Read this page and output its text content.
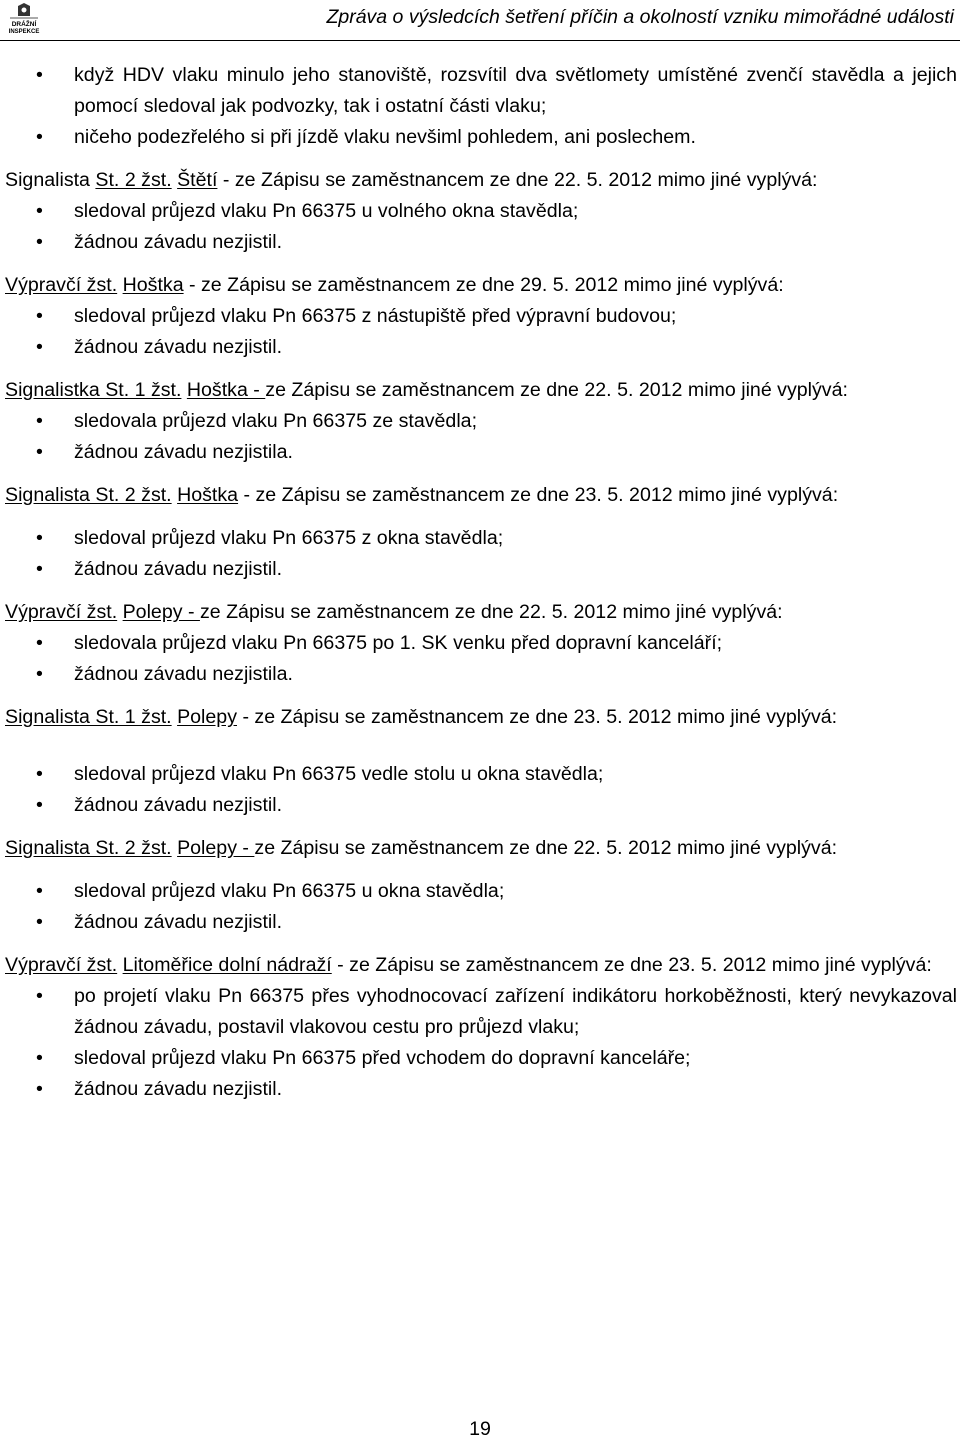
DRÁŽNÍ
INSPEKCE
Zpráva o výsledcích šetření příčin a okolností vzniku mimořádné události
• když HDV vlaku minulo jeho stanoviště, rozsvítil dva světlomety umístěné zvenčí stavědla a jejich pomocí sledoval jak podvozky, tak i ostatní části vlaku;
• ničeho podezřelého si při jízdě vlaku nevšiml pohledem, ani poslechem.
Signalista St. 2 žst. Štětí - ze Zápisu se zaměstnancem ze dne 22. 5. 2012 mimo jiné vyplývá:
• sledoval průjezd vlaku Pn 66375 u volného okna stavědla;
• žádnou závadu nezjistil.
Výpravčí žst. Hoštka - ze Zápisu se zaměstnancem ze dne 29. 5. 2012 mimo jiné vyplývá:
• sledoval průjezd vlaku Pn 66375 z nástupiště před výpravní budovou;
• žádnou závadu nezjistil.
Signalistka St. 1 žst. Hoštka - ze Zápisu se zaměstnancem ze dne 22. 5. 2012 mimo jiné vyplývá:
• sledovala průjezd vlaku Pn 66375 ze stavědla;
• žádnou závadu nezjistila.
Signalista St. 2 žst. Hoštka - ze Zápisu se zaměstnancem ze dne 23. 5. 2012 mimo jiné vyplývá:
• sledoval průjezd vlaku Pn 66375 z okna stavědla;
• žádnou závadu nezjistil.
Výpravčí žst. Polepy - ze Zápisu se zaměstnancem ze dne 22. 5. 2012 mimo jiné vyplývá:
• sledovala průjezd vlaku Pn 66375 po 1. SK venku před dopravní kanceláří;
• žádnou závadu nezjistila.
Signalista St. 1 žst. Polepy - ze Zápisu se zaměstnancem ze dne 23. 5. 2012 mimo jiné vyplývá:
• sledoval průjezd vlaku Pn 66375 vedle stolu u okna stavědla;
• žádnou závadu nezjistil.
Signalista St. 2 žst. Polepy - ze Zápisu se zaměstnancem ze dne 22. 5. 2012 mimo jiné vyplývá:
• sledoval průjezd vlaku Pn 66375 u okna stavědla;
• žádnou závadu nezjistil.
Výpravčí žst. Litoměřice dolní nádraží - ze Zápisu se zaměstnancem ze dne 23. 5. 2012 mimo jiné vyplývá:
• po projetí vlaku Pn 66375 přes vyhodnocovací zařízení indikátoru horkoběžnosti, který nevykazoval žádnou závadu, postavil vlakovou cestu pro průjezd vlaku;
• sledoval průjezd vlaku Pn 66375 před vchodem do dopravní kanceláře;
• žádnou závadu nezjistil.
19
